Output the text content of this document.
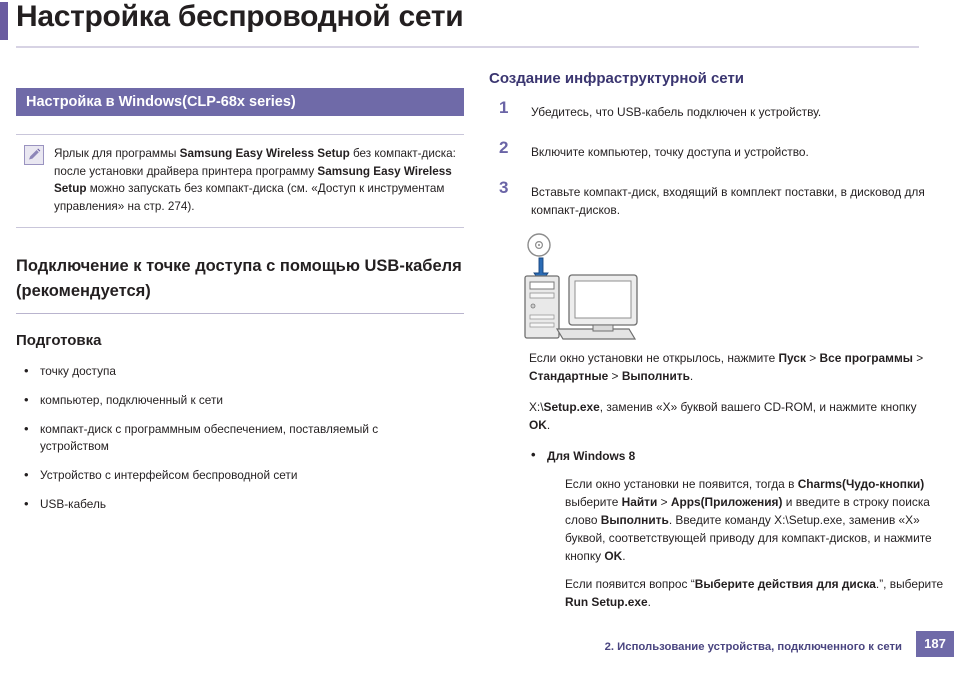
Настройка беспроводной сети
Настройка в Windows(CLP-68x series)
Ярлык для программы Samsung Easy Wireless Setup без компакт-диска: после установки драйвера принтера программу Samsung Easy Wireless Setup можно запускать без компакт-диска (см. «Доступ к инструментам управления» на стр. 274).
Подключение к точке доступа с помощью USB-кабеля (рекомендуется)
Подготовка
• точку доступа
• компьютер, подключенный к сети
• компакт-диск с программным обеспечением, поставляемый с устройством
• Устройство с интерфейсом беспроводной сети
• USB-кабель
Создание инфраструктурной сети
1 Убедитесь, что USB-кабель подключен к устройству.
2 Включите компьютер, точку доступа и устройство.
3 Вставьте компакт-диск, входящий в комплект поставки, в дисковод для компакт-дисков.
Если окно установки не открылось, нажмите Пуск > Все программы > Стандартные > Выполнить.
X:\Setup.exe, заменив «X» буквой вашего CD-ROM, и нажмите кнопку OK.
• Для Windows 8
Если окно установки не появится, тогда в Charms(Чудо-кнопки) выберите Найти > Apps(Приложения) и введите в строку поиска слово Выполнить. Введите команду X:\Setup.exe, заменив «X» буквой, соответствующей приводу для компакт-дисков, и нажмите кнопку OK.
Если появится вопрос “Выберите действия для диска.”, выберите Run Setup.exe.
2. Использование устройства, подключенного к сети	187
